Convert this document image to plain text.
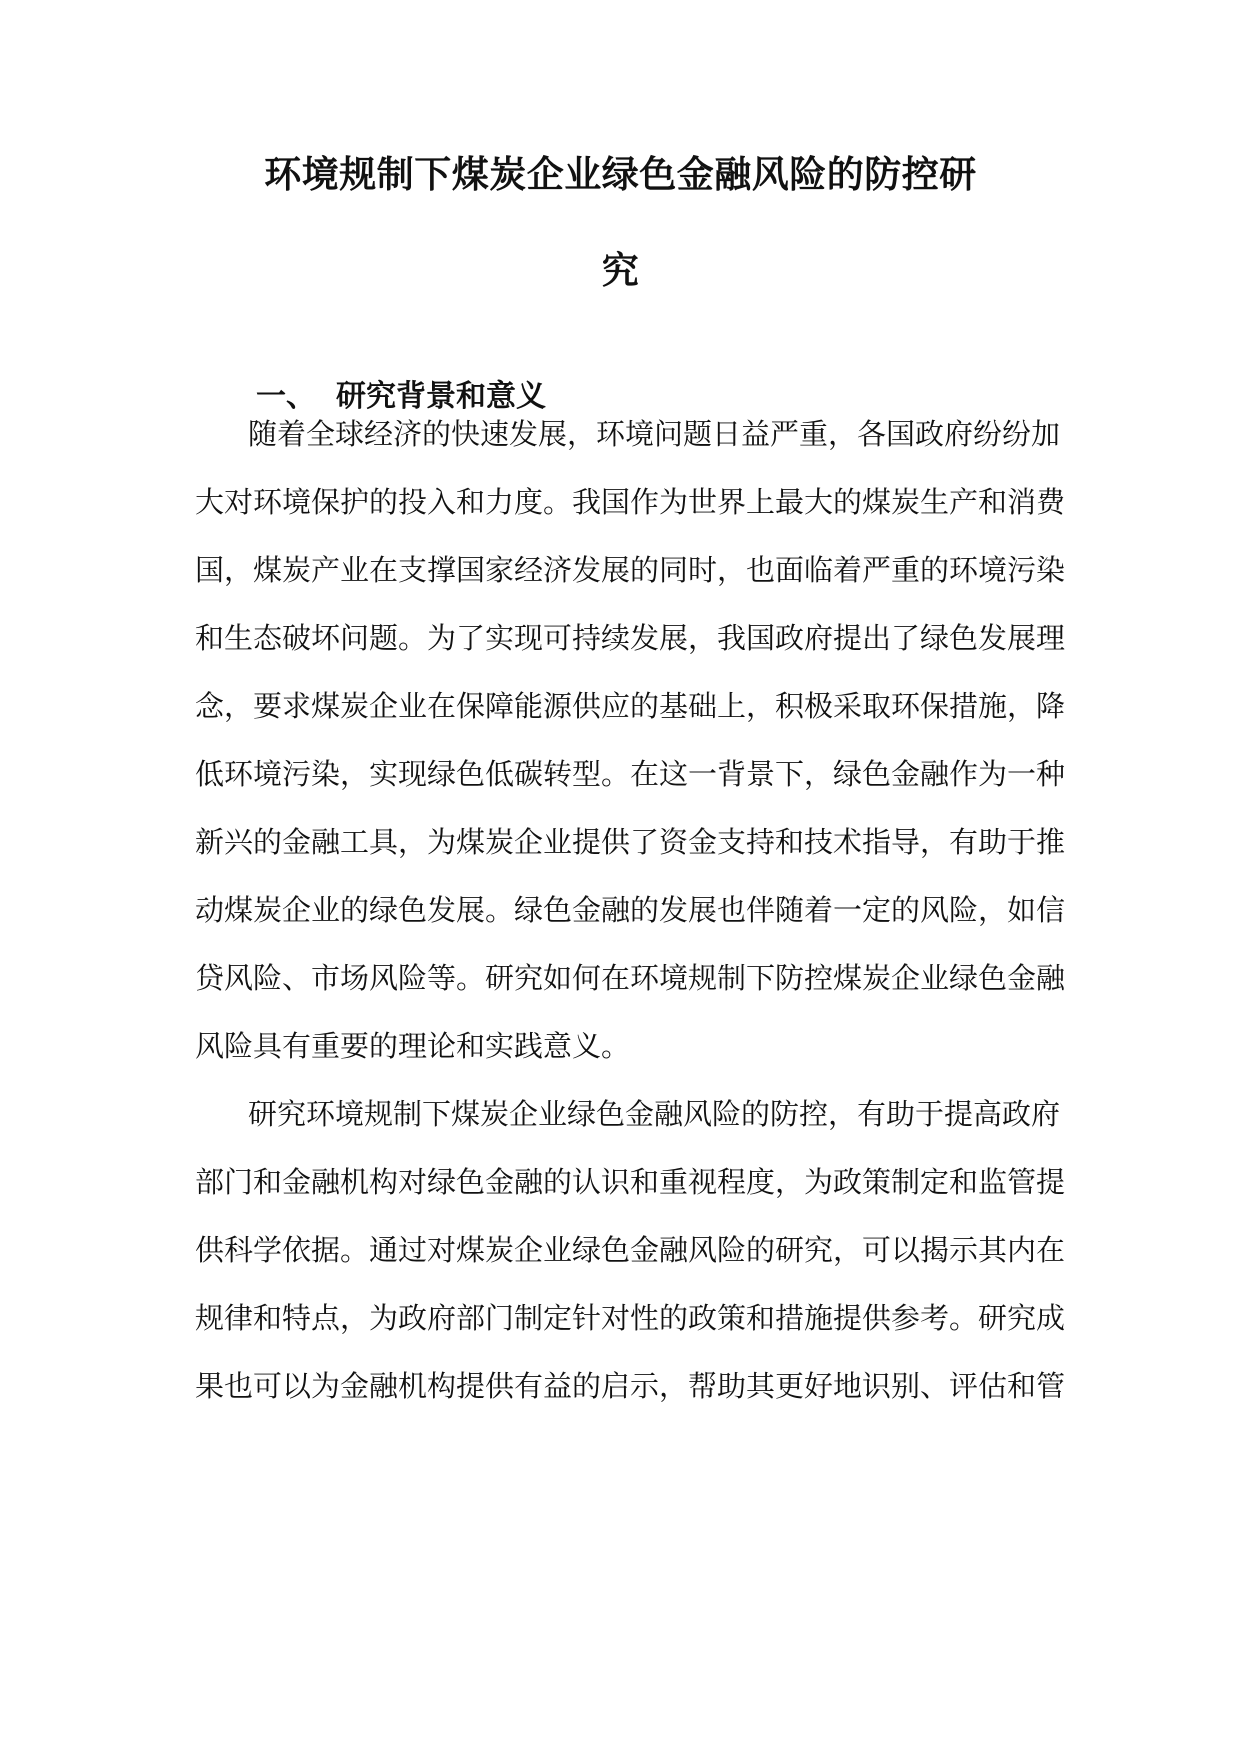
环境规制下煤炭企业绿色金融风险的防控研
究
一、 研究背景和意义
随着全球经济的快速发展，环境问题日益严重，各国政府纷纷加
大对环境保护的投入和力度。我国作为世界上最大的煤炭生产和消费
国，煤炭产业在支撑国家经济发展的同时，也面临着严重的环境污染
和生态破坏问题。为了实现可持续发展，我国政府提出了绿色发展理
念，要求煤炭企业在保障能源供应的基础上，积极采取环保措施，降
低环境污染，实现绿色低碳转型。在这一背景下，绿色金融作为一种
新兴的金融工具，为煤炭企业提供了资金支持和技术指导，有助于推
动煤炭企业的绿色发展。绿色金融的发展也伴随着一定的风险，如信
贷风险、市场风险等。研究如何在环境规制下防控煤炭企业绿色金融
风险具有重要的理论和实践意义。
研究环境规制下煤炭企业绿色金融风险的防控，有助于提高政府
部门和金融机构对绿色金融的认识和重视程度，为政策制定和监管提
供科学依据。通过对煤炭企业绿色金融风险的研究，可以揭示其内在
规律和特点，为政府部门制定针对性的政策和措施提供参考。研究成
果也可以为金融机构提供有益的启示，帮助其更好地识别、评估和管
